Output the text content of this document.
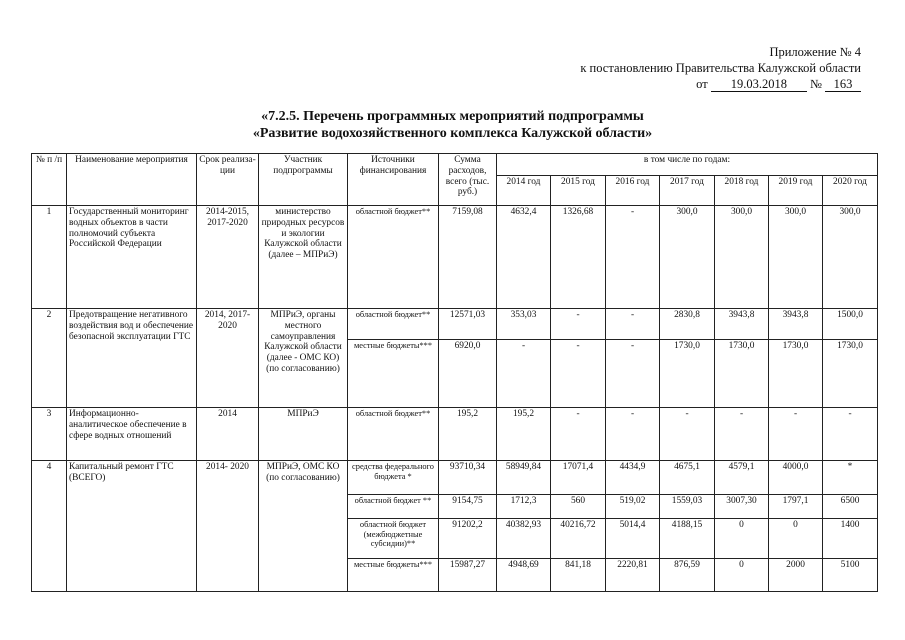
Приложение № 4
к постановлению Правительства Калужской области
от 19.03.2018 № 163
«7.2.5. Перечень программных мероприятий подпрограммы
«Развитие водохозяйственного комплекса Калужской области»
№ п /п	Наименование мероприятия	Срок реализа-ции	Участник подпрограммы	Источники финансирования	Сумма расходов, всего (тыс. руб.)	в том числе по годам:						
						2014 год	2015 год	2016 год	2017 год	2018 год	2019 год	2020 год
1	Государственный мониторинг водных объектов в части полномочий субъекта Российской Федерации	2014-2015, 2017-2020	министерство природных ресурсов и экологии Калужской области (далее – МПРиЭ)	областной бюджет**	7159,08	4632,4	1326,68	-	300,0	300,0	300,0	300,0
2	Предотвращение негативного воздействия вод и обеспечение безопасной эксплуатации ГТС	2014, 2017-2020	МПРиЭ, органы местного самоуправления Калужской области (далее - ОМС КО) (по согласованию)	областной бюджет**	12571,03	353,03	-	-	2830,8	3943,8	3943,8	1500,0
				местные бюджеты***	6920,0	-	-	-	1730,0	1730,0	1730,0	1730,0
3	Информационно-аналитическое обеспечение в сфере водных отношений	2014	МПРиЭ	областной бюджет**	195,2	195,2	-	-	-	-	-	-
4	Капитальный ремонт ГТС (ВСЕГО)	2014- 2020	МПРиЭ, ОМС КО (по согласованию)	средства федерального бюджета *	93710,34	58949,84	17071,4	4434,9	4675,1	4579,1	4000,0	*
				областной бюджет **	9154,75	1712,3	560	519,02	1559,03	3007,30	1797,1	6500
				областной бюджет (межбюджетные субсидии)**	91202,2	40382,93	40216,72	5014,4	4188,15	0	0	1400
				местные бюджеты***	15987,27	4948,69	841,18	2220,81	876,59	0	2000	5100
